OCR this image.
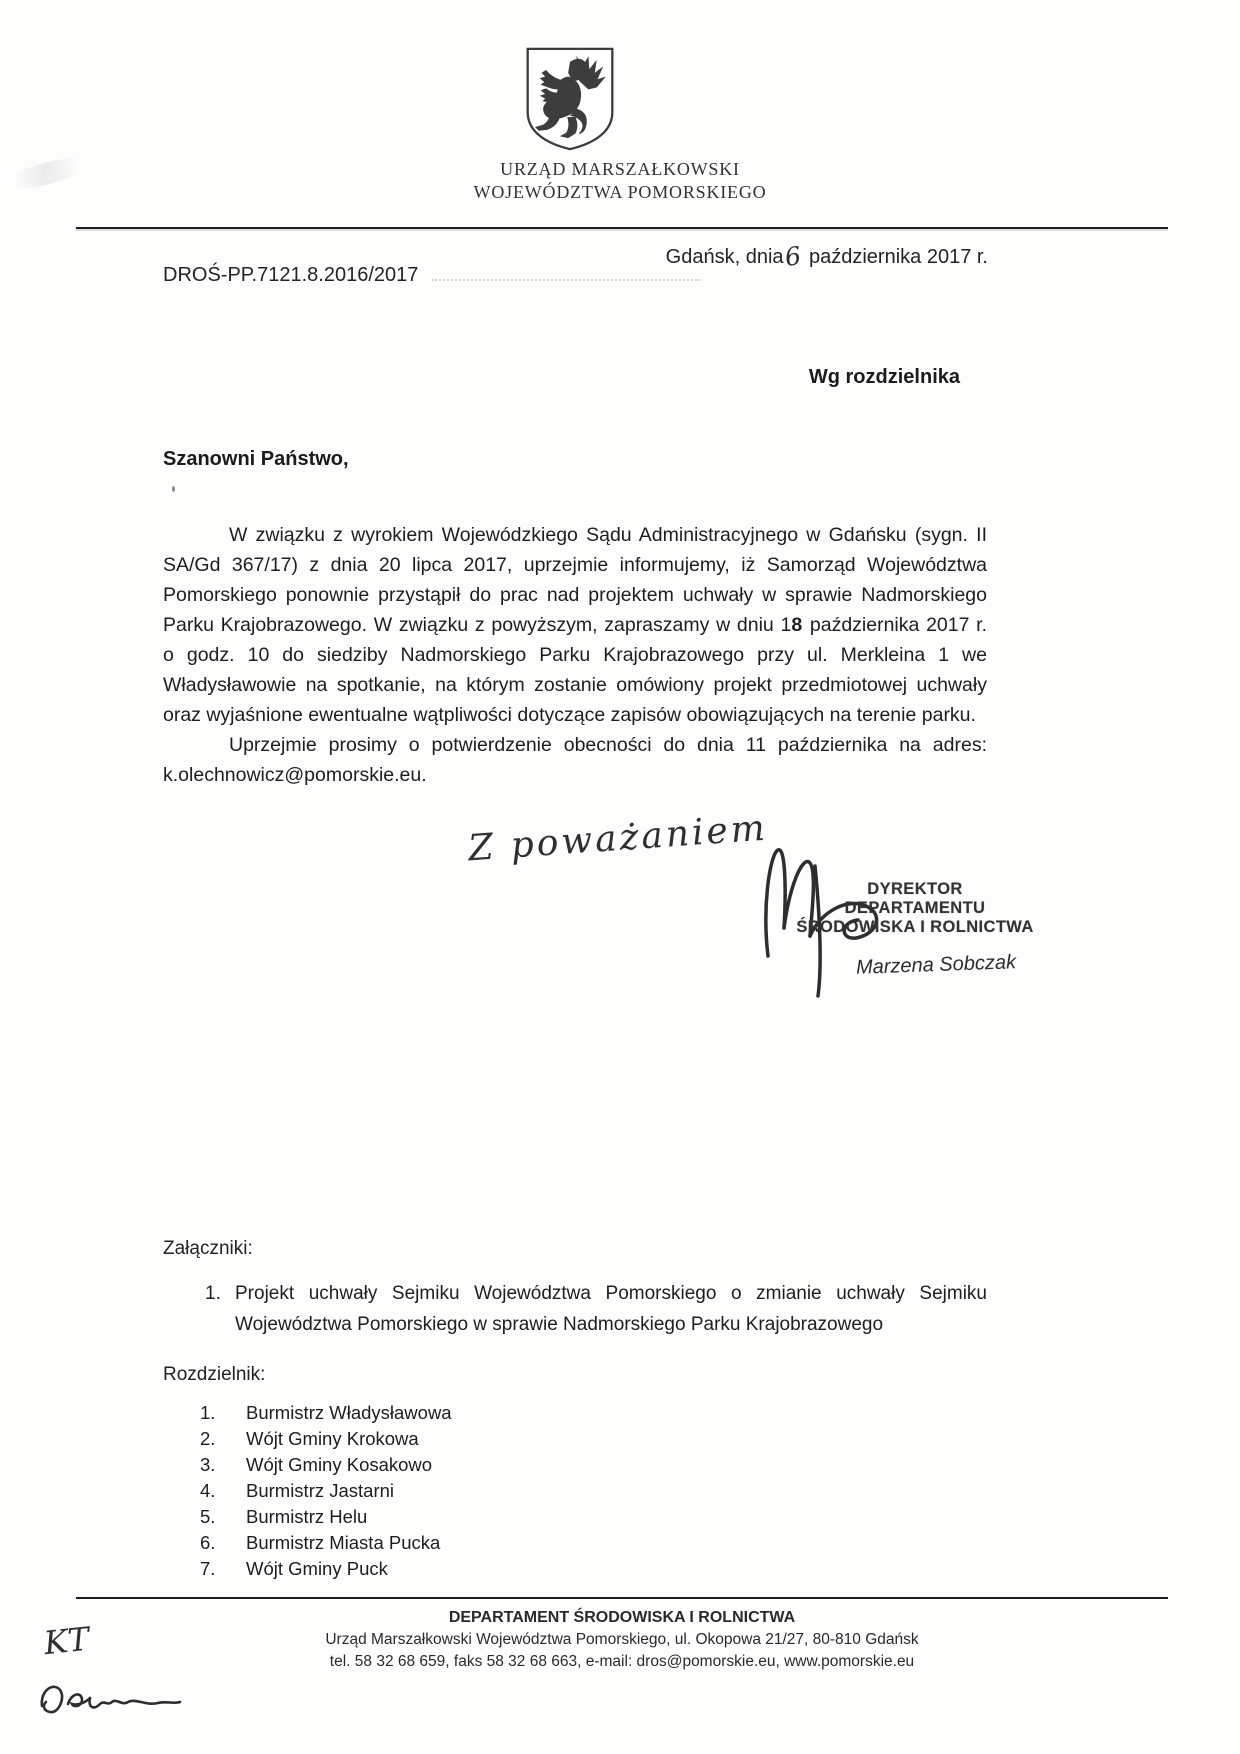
URZĄD MARSZAŁKOWSKI
WOJEWÓDZTWA POMORSKIEGO
Gdańsk, dnia6 października 2017 r.
DROŚ-PP.7121.8.2016/2017
Wg rozdzielnika
Szanowni Państwo,

W związku z wyrokiem Wojewódzkiego Sądu Administracyjnego w Gdańsku (sygn. II SA/Gd 367/17) z dnia 20 lipca 2017, uprzejmie informujemy, iż Samorząd Województwa Pomorskiego ponownie przystąpił do prac nad projektem uchwały w sprawie Nadmorskiego Parku Krajobrazowego. W związku z powyższym, zapraszamy w dniu 18 października 2017 r. o godz. 10 do siedziby Nadmorskiego Parku Krajobrazowego przy ul. Merkleina 1 we Władysławowie na spotkanie, na którym zostanie omówiony projekt przedmiotowej uchwały oraz wyjaśnione ewentualne wątpliwości dotyczące zapisów obowiązujących na terenie parku.

Uprzejmie prosimy o potwierdzenie obecności do dnia 11 października na adres: k.olechnowicz@pomorskie.eu.

Z poważaniem
DYREKTOR
DEPARTAMENTU
ŚRODOWISKA I ROLNICTWA
Marzena Sobczak
Załączniki:
1. Projekt uchwały Sejmiku Województwa Pomorskiego o zmianie uchwały Sejmiku Województwa Pomorskiego w sprawie Nadmorskiego Parku Krajobrazowego
Rozdzielnik:
1.	Burmistrz Władysławowa
2.	Wójt Gminy Krokowa
3.	Wójt Gminy Kosakowo
4.	Burmistrz Jastarni
5.	Burmistrz Helu
6.	Burmistrz Miasta Pucka
7.	Wójt Gminy Puck
DEPARTAMENT ŚRODOWISKA I ROLNICTWA
Urząd Marszałkowski Województwa Pomorskiego, ul. Okopowa 21/27, 80-810 Gdańsk
tel. 58 32 68 659, faks 58 32 68 663, e-mail: dros@pomorskie.eu, www.pomorskie.eu
KT
